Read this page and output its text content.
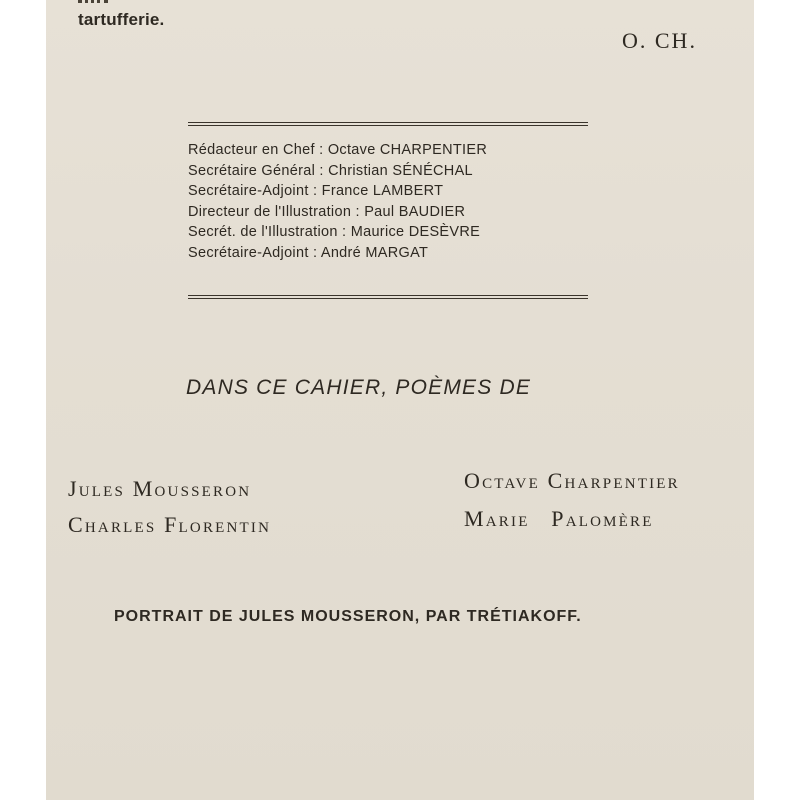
tartufferie.
O. CH.
Rédacteur en Chef : Octave CHARPENTIER
Secrétaire Général : Christian SÉNÉCHAL
Secrétaire-Adjoint : France LAMBERT
Directeur de l'Illustration : Paul BAUDIER
Secrét. de l'Illustration : Maurice DESÈVRE
Secrétaire-Adjoint : André MARGAT
DANS CE CAHIER, POÈMES DE
Jules Mousseron	Octave Charpentier
Charles Florentin	Marie Palomère
PORTRAIT DE JULES MOUSSERON, PAR TRÉTIAKOFF.
